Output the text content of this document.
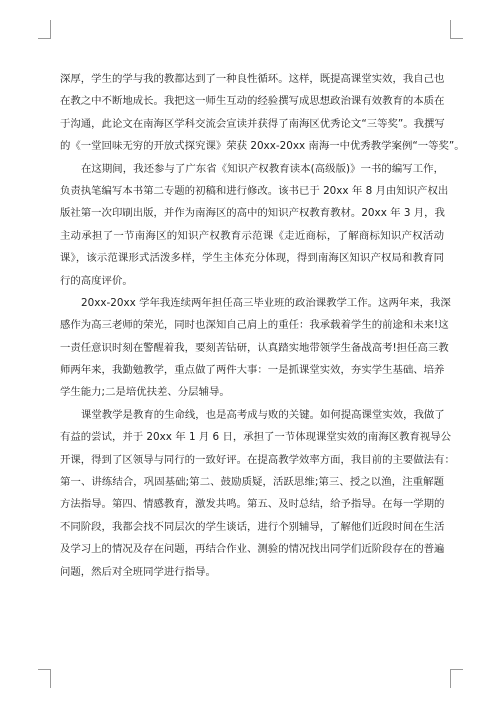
深厚，学生的学与我的教都达到了一种良性循环。这样，既提高课堂实效，我自己也
在教之中不断地成长。我把这一师生互动的经验撰写成思想政治课有效教育的本质在
于沟通，此论文在南海区学科交流会宣读并获得了南海区优秀论文“三等奖”。我撰写
的《一堂回味无穷的开放式探究课》荣获 20xx-20xx 南海一中优秀教学案例“一等奖”。
在这期间，我还参与了广东省《知识产权教育读本(高级版)》一书的编写工作，
负责执笔编写本书第二专题的初稿和进行修改。该书已于 20xx 年 8 月由知识产权出
版社第一次印刷出版，并作为南海区的高中的知识产权教育教材。20xx 年 3 月，我
主动承担了一节南海区的知识产权教育示范课《走近商标，了解商标知识产权活动
课》，该示范课形式活泼多样，学生主体充分体现，得到南海区知识产权局和教育同
行的高度评价。
20xx-20xx 学年我连续两年担任高三毕业班的政治课教学工作。这两年来，我深
感作为高三老师的荣光，同时也深知自己肩上的重任：我承载着学生的前途和未来!这
一责任意识时刻在警醒着我，要刻苦钻研，认真踏实地带领学生备战高考!担任高三教
师两年来，我勤勉教学，重点做了两件大事：一是抓课堂实效，夯实学生基础、培养
学生能力;二是培优扶差、分层辅导。
课堂教学是教育的生命线，也是高考成与败的关键。如何提高课堂实效，我做了
有益的尝试，并于 20xx 年 1 月 6 日，承担了一节体现课堂实效的南海区教育视导公
开课，得到了区领导与同行的一致好评。在提高教学效率方面，我目前的主要做法有：
第一、讲练结合，巩固基础;第二、鼓励质疑，活跃思维;第三、授之以渔，注重解题
方法指导。第四、情感教育，激发共鸣。第五、及时总结，给予指导。在每一学期的
不同阶段，我都会找不同层次的学生谈话，进行个别辅导，了解他们近段时间在生活
及学习上的情况及存在问题，再结合作业、测验的情况找出同学们近阶段存在的普遍
问题，然后对全班同学进行指导。
